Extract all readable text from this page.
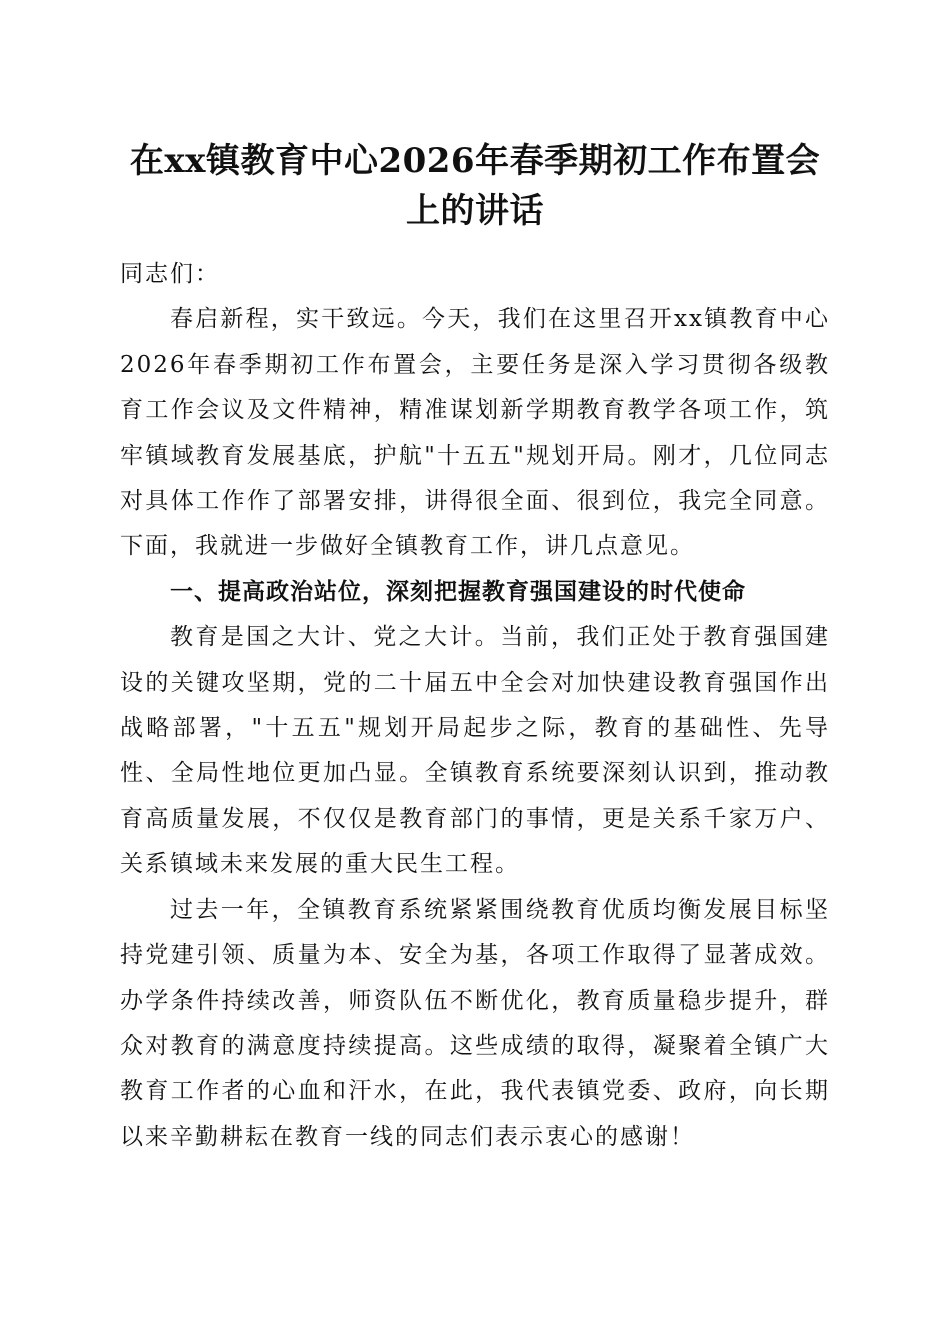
在xx镇教育中心2026年春季期初工作布置会
上的讲话

同志们：

春启新程，实干致远。今天，我们在这里召开xx镇教育中心2026年春季期初工作布置会，主要任务是深入学习贯彻各级教育工作会议及文件精神，精准谋划新学期教育教学各项工作，筑牢镇域教育发展基底，护航"十五五"规划开局。刚才，几位同志对具体工作作了部署安排，讲得很全面、很到位，我完全同意。下面，我就进一步做好全镇教育工作，讲几点意见。

一、提高政治站位，深刻把握教育强国建设的时代使命

教育是国之大计、党之大计。当前，我们正处于教育强国建设的关键攻坚期，党的二十届五中全会对加快建设教育强国作出战略部署，"十五五"规划开局起步之际，教育的基础性、先导性、全局性地位更加凸显。全镇教育系统要深刻认识到，推动教育高质量发展，不仅仅是教育部门的事情，更是关系千家万户、关系镇域未来发展的重大民生工程。

过去一年，全镇教育系统紧紧围绕教育优质均衡发展目标坚持党建引领、质量为本、安全为基，各项工作取得了显著成效。办学条件持续改善，师资队伍不断优化，教育质量稳步提升，群众对教育的满意度持续提高。这些成绩的取得，凝聚着全镇广大教育工作者的心血和汗水，在此，我代表镇党委、政府，向长期以来辛勤耕耘在教育一线的同志们表示衷心的感谢！
